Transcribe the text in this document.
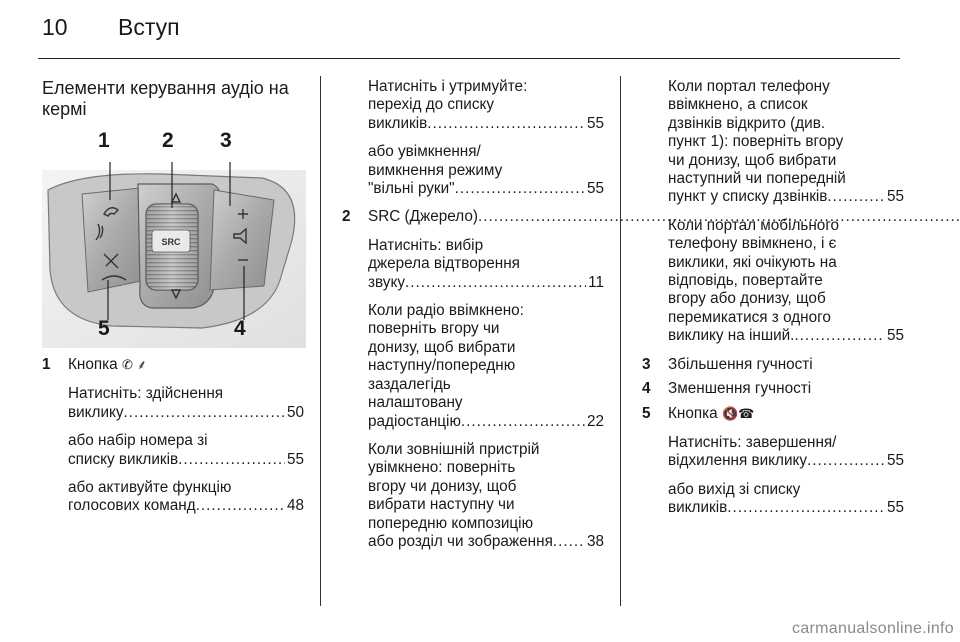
10 Вступ
Елементи керування аудіо на кермі
SRC
1 2 3
4
5
1	Кнопка ✆ ⸙
Натисніть: здійснення
виклику .....	50
або набір номера зі
списку викликів .....	55
або активуйте функцію
голосових команд .....	48
Натисніть і утримуйте:
перехід до списку
викликів .....	55
або увімкнення/
вимкнення режиму
"вільні руки" .....	55
2	SRC (Джерело)
.....
Натисніть: вибір
джерела відтворення
звуку .....	11
Коли радіо ввімкнено:
поверніть вгору чи
донизу, щоб вибрати
наступну/попередню
заздалегідь
налаштовану
радіостанцію .....	22
Коли зовнішній пристрій
увімкнено: поверніть
вгору чи донизу, щоб
вибрати наступну чи
попередню композицію
або розділ чи зображення ..... 38
Коли портал телефону
ввімкнено, а список
дзвінків відкрито (див.
пункт 1): поверніть вгору
чи донизу, щоб вибрати
наступний чи попередній
пункт у списку дзвінків .....	55
Коли портал мобільного
телефону ввімкнено, і є
виклики, які очікують на
відповідь, повертайте
вгору або донизу, щоб
перемикатися з одного
виклику на інший. .....	55
3	Збільшення гучності
4	Зменшення гучності
5	Кнопка 🔇☎
Натисніть: завершення/
відхилення виклику .....	55
або вихід зі списку
викликів .....	55
carmanualsonline.info
